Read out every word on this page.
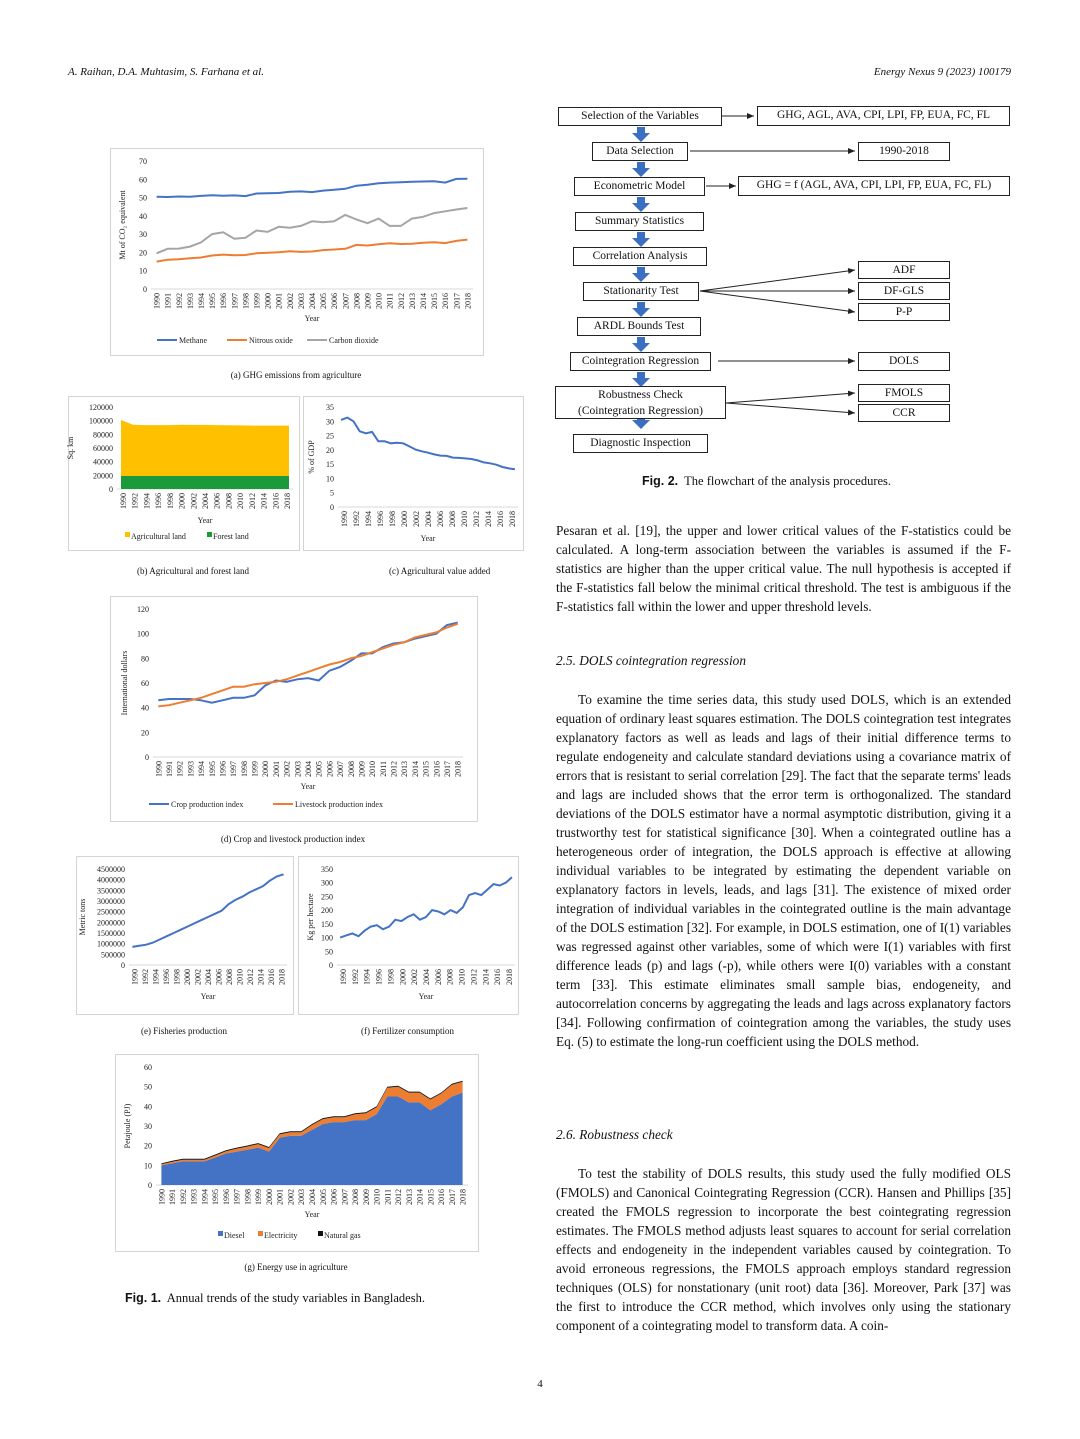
A. Raihan, D.A. Muhtasim, S. Farhana et al.	Energy Nexus 9 (2023) 100179
0
10
20
30
40
50
60
70
Mt of CO₂ equivalent
Year
1990 1991 1992 1993 1994 1995 1996 1997 1998 1999 2000 2001 2002 2003 2004 2005 2006 2007 2008 2009 2010 2011 2012 2013 2014 2015 2016 2017 2018
Methane	Nitrous oxide	Carbon dioxide
(a) GHG emissions from agriculture
0
20000
40000
60000
80000
100000
120000
Sq. km
Year
1990 1992 1994 1996 1998 2000 2002 2004 2006 2008 2010 2012 2014 2016 2018
Agricultural land	Forest land
(b) Agricultural and forest land
0
5
10
15
20
25
30
35
% of GDP
Year
1990 1992 1994 1996 1998 2000 2002 2004 2006 2008 2010 2012 2014 2016 2018
(c) Agricultural value added
0
20
40
60
80
100
120
International dollars
Year
1990 1991 1992 1993 1994 1995 1996 1997 1998 1999 2000 2001 2002 2003 2004 2005 2006 2007 2008 2009 2010 2011 2012 2013 2014 2015 2016 2017 2018
Crop production index	Livestock production index
(d) Crop and livestock production index
0
500000
1000000
1500000
2000000
2500000
3000000
3500000
4000000
4500000
Metric tons
Year
1990 1992 1994 1996 1998 2000 2002 2004 2006 2008 2010 2012 2014 2016 2018
(e) Fisheries production
0
50
100
150
200
250
300
350
Kg per hectare
Year
1990 1992 1994 1996 1998 2000 2002 2004 2006 2008 2010 2012 2014 2016 2018
(f) Fertilizer consumption
0
10
20
30
40
50
60
Petajoule (PJ)
Year
1990 1991 1992 1993 1994 1995 1996 1997 1998 1999 2000 2001 2002 2003 2004 2005 2006 2007 2008 2009 2010 2011 2012 2013 2014 2015 2016 2017 2018
Diesel Electricity	Natural gas
(g) Energy use in agriculture
Fig. 1. Annual trends of the study variables in Bangladesh.
Selection of the Variables
Data Selection
Econometric Model
Summary Statistics
Correlation Analysis
Stationarity Test
ARDL Bounds Test
Cointegration Regression
Robustness Check (Cointegration Regression)
Diagnostic Inspection
GHG, AGL, AVA, CPI, LPI, FP, EUA, FC, FL
1990-2018
GHG = f (AGL, AVA, CPI, LPI, FP, EUA, FC, FL)
ADF
DF-GLS
P-P
DOLS
FMOLS
CCR
Fig. 2. The flowchart of the analysis procedures.

Pesaran et al. [19], the upper and lower critical values of the F-statistics could be calculated. A long-term association between the variables is assumed if the F-statistics are higher than the upper critical value. The null hypothesis is accepted if the F-statistics fall below the minimal critical threshold. The test is ambiguous if the F-statistics fall within the lower and upper threshold levels.

2.5. DOLS cointegration regression

To examine the time series data, this study used DOLS, which is an extended equation of ordinary least squares estimation. The DOLS cointegration test integrates explanatory factors as well as leads and lags of their initial difference terms to regulate endogeneity and calculate standard deviations using a covariance matrix of errors that is resistant to serial correlation [29]. The fact that the separate terms' leads and lags are included shows that the error term is orthogonalized. The standard deviations of the DOLS estimator have a normal asymptotic distribution, giving it a trustworthy test for statistical significance [30]. When a cointegrated outline has a heterogeneous order of integration, the DOLS approach is effective at allowing individual variables to be integrated by estimating the dependent variable on explanatory factors in levels, leads, and lags [31]. The existence of mixed order integration of individual variables in the cointegrated outline is the main advantage of the DOLS estimation [32]. For example, in DOLS estimation, one of I(1) variables was regressed against other variables, some of which were I(1) variables with first difference leads (p) and lags (-p), while others were I(0) variables with a constant term [33]. This estimate eliminates small sample bias, endogeneity, and autocorrelation concerns by aggregating the leads and lags across explanatory factors [34]. Following confirmation of cointegration among the variables, the study uses Eq. (5) to estimate the long-run coefficient using the DOLS method.

2.6. Robustness check

To test the stability of DOLS results, this study used the fully modified OLS (FMOLS) and Canonical Cointegrating Regression (CCR). Hansen and Phillips [35] created the FMOLS regression to incorporate the best cointegrating regression estimates. The FMOLS method adjusts least squares to account for serial correlation effects and endogeneity in the independent variables caused by cointegration. To avoid erroneous regressions, the FMOLS approach employs standard regression techniques (OLS) for nonstationary (unit root) data [36]. Moreover, Park [37] was the first to introduce the CCR method, which involves only using the stationary component of a cointegrating model to transform data. A coin-

4
